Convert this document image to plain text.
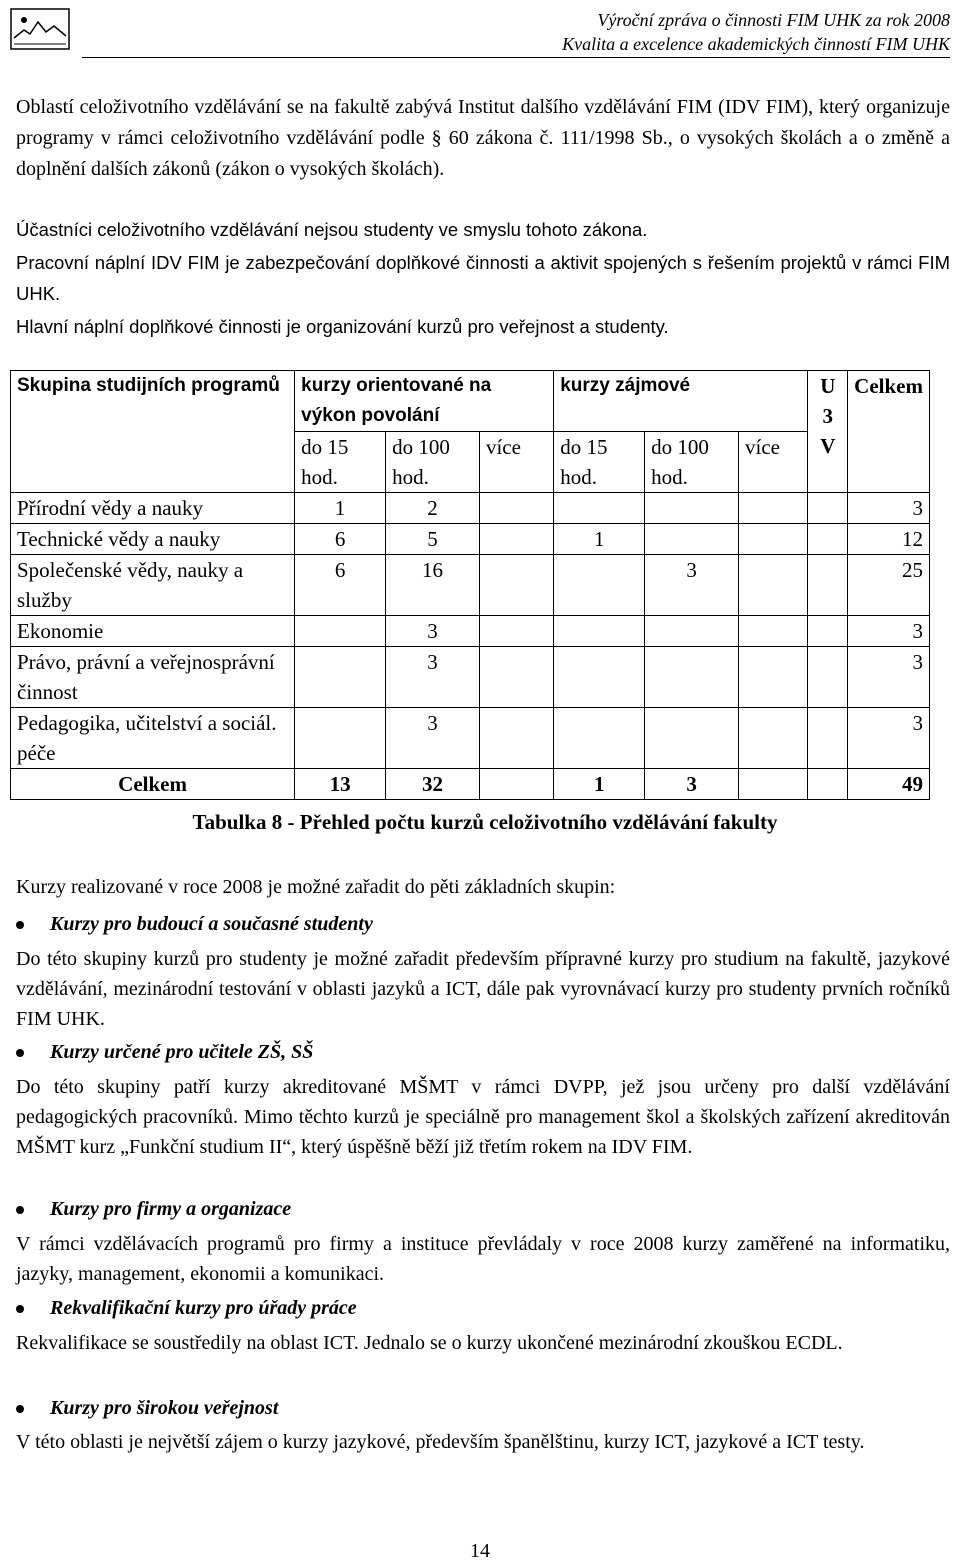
Výroční zpráva o činnosti FIM UHK za rok 2008
Kvalita a excelence akademických činností FIM UHK
Oblastí celoživotního vzdělávání se na fakultě zabývá Institut dalšího vzdělávání FIM (IDV FIM), který organizuje programy v rámci celoživotního vzdělávání podle § 60 zákona č. 111/1998 Sb., o vysokých školách a o změně a doplnění dalších zákonů (zákon o vysokých školách).
Účastníci celoživotního vzdělávání nejsou studenty ve smyslu tohoto zákona.
Pracovní náplní IDV FIM je zabezpečování doplňkové činnosti a aktivit spojených s řešením projektů v rámci FIM UHK.
Hlavní náplní doplňkové činnosti je organizování kurzů pro veřejnost a studenty.
Skupina studijních programů	kurzy orientované na výkon povolání			kurzy zájmové			U 3 V	Celkem
	do 15 hod.	do 100 hod.	více	do 15 hod.	do 100 hod.	více		
Přírodní vědy a nauky	1	2						3
Technické vědy a nauky	6	5		1				12
Společenské vědy, nauky a služby	6	16			3			25
Ekonomie		3						3
Právo, právní a veřejnosprávní činnost		3						3
Pedagogika, učitelství a sociál. péče		3						3
Celkem	13	32		1	3			49
Tabulka 8 - Přehled počtu kurzů celoživotního vzdělávání fakulty
Kurzy realizované v roce 2008 je možné zařadit do pěti základních skupin:
Kurzy pro budoucí a současné studenty
Do této skupiny kurzů pro studenty je možné zařadit především přípravné kurzy pro studium na fakultě, jazykové vzdělávání, mezinárodní testování v oblasti jazyků a ICT, dále pak vyrovnávací kurzy pro studenty prvních ročníků FIM UHK.
Kurzy určené pro učitele ZŠ, SŠ
Do této skupiny patří kurzy akreditované MŠMT v rámci DVPP, jež jsou určeny pro další vzdělávání pedagogických pracovníků. Mimo těchto kurzů je speciálně pro management škol a školských zařízení akreditován MŠMT kurz „Funkční studium II“, který úspěšně běží již třetím rokem na IDV FIM.
Kurzy pro firmy a organizace
V rámci vzdělávacích programů pro firmy a instituce převládaly v roce 2008 kurzy zaměřené na informatiku, jazyky, management, ekonomii a komunikaci.
Rekvalifikační kurzy pro úřady práce
Rekvalifikace se soustředily na oblast ICT. Jednalo se o kurzy ukončené mezinárodní zkouškou ECDL.
Kurzy pro širokou veřejnost
V této oblasti je největší zájem o kurzy jazykové, především španělštinu, kurzy ICT, jazykové a ICT testy.
14
